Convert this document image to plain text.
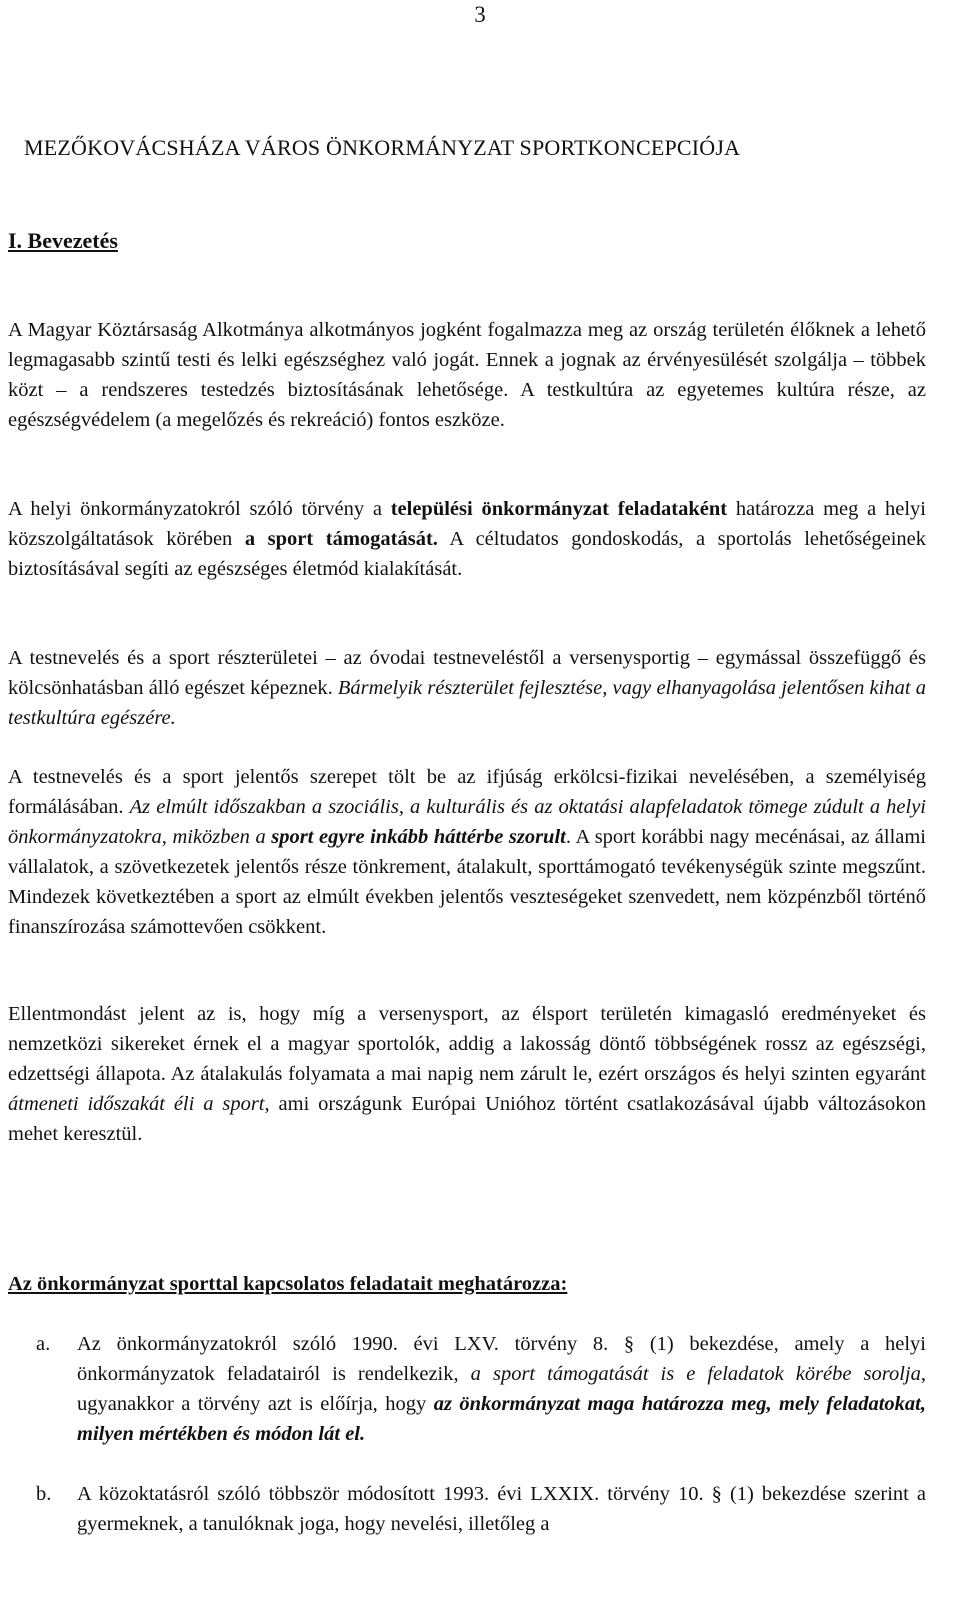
3
MEZŐKOVÁCSHÁZA VÁROS ÖNKORMÁNYZAT SPORTKONCEPCIÓJA
I. Bevezetés

A Magyar Köztársaság Alkotmánya alkotmányos jogként fogalmazza meg az ország területén élőknek a lehető legmagasabb szintű testi és lelki egészséghez való jogát. Ennek a jognak az érvényesülését szolgálja – többek közt – a rendszeres testedzés biztosításának lehetősége. A testkultúra az egyetemes kultúra része, az egészségvédelem (a megelőzés és rekreáció) fontos eszköze.

A helyi önkormányzatokról szóló törvény a települési önkormányzat feladataként határozza meg a helyi közszolgáltatások körében a sport támogatását. A céltudatos gondoskodás, a sportolás lehetőségeinek biztosításával segíti az egészséges életmód kialakítását.

A testnevelés és a sport részterületei – az óvodai testneveléstől a versenysportig – egymással összefüggő és kölcsönhatásban álló egészet képeznek. Bármelyik részterület fejlesztése, vagy elhanyagolása jelentősen kihat a testkultúra egészére.

A testnevelés és a sport jelentős szerepet tölt be az ifjúság erkölcsi-fizikai nevelésében, a személyiség formálásában. Az elmúlt időszakban a szociális, a kulturális és az oktatási alapfeladatok tömege zúdult a helyi önkormányzatokra, miközben a sport egyre inkább háttérbe szorult. A sport korábbi nagy mecénásai, az állami vállalatok, a szövetkezetek jelentős része tönkrement, átalakult, sporttámogató tevékenységük szinte megszűnt. Mindezek következtében a sport az elmúlt években jelentős veszteségeket szenvedett, nem közpénzből történő finanszírozása számottevően csökkent.

Ellentmondást jelent az is, hogy míg a versenysport, az élsport területén kimagasló eredményeket és nemzetközi sikereket érnek el a magyar sportolók, addig a lakosság döntő többségének rossz az egészségi, edzettségi állapota. Az átalakulás folyamata a mai napig nem zárult le, ezért országos és helyi szinten egyaránt átmeneti időszakát éli a sport, ami országunk Európai Unióhoz történt csatlakozásával újabb változásokon mehet keresztül.

Az önkormányzat sporttal kapcsolatos feladatait meghatározza:
a. Az önkormányzatokról szóló 1990. évi LXV. törvény 8. § (1) bekezdése, amely a helyi önkormányzatok feladatairól is rendelkezik, a sport támogatását is e feladatok körébe sorolja, ugyanakkor a törvény azt is előírja, hogy az önkormányzat maga határozza meg, mely feladatokat, milyen mértékben és módon lát el.
b. A közoktatásról szóló többször módosított 1993. évi LXXIX. törvény 10. § (1) bekezdése szerint a gyermeknek, a tanulóknak joga, hogy nevelési, illetőleg a
